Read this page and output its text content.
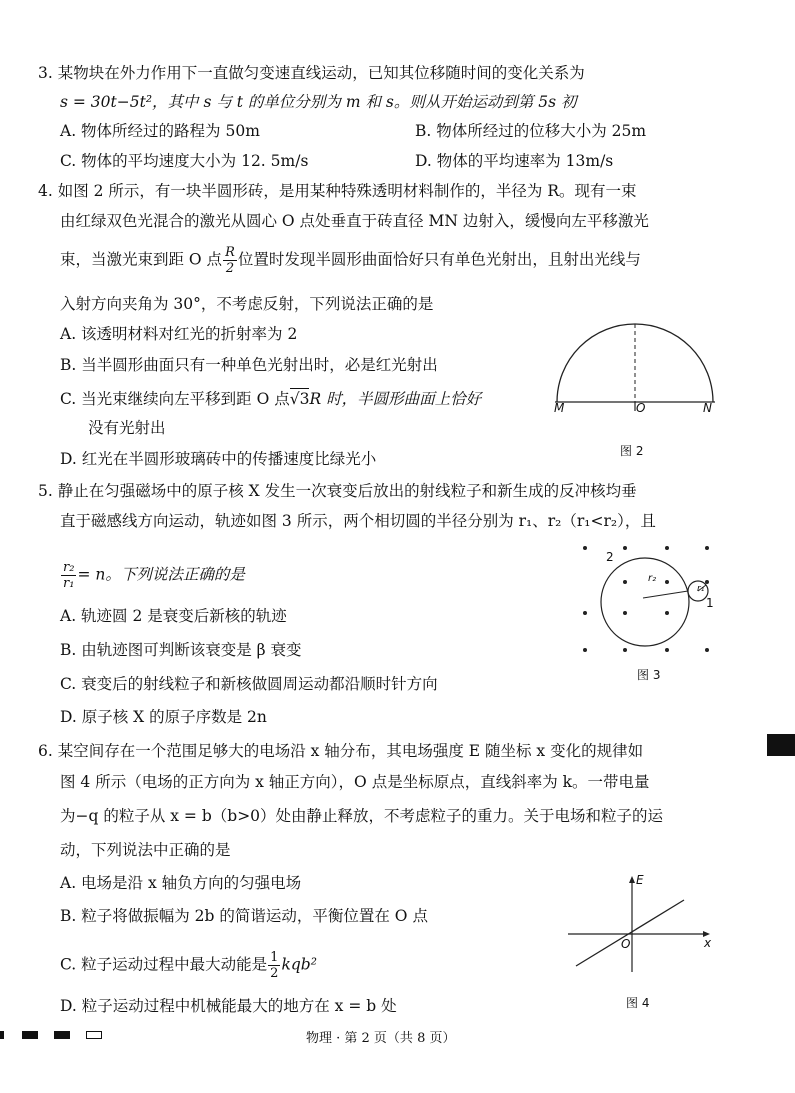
3. 某物块在外力作用下一直做匀变速直线运动，已知其位移随时间的变化关系为
s = 30t−5t²，其中 s 与 t 的单位分别为 m 和 s。则从开始运动到第 5s 初
A. 物体所经过的路程为 50m	B. 物体所经过的位移大小为 25m
C. 物体的平均速度大小为 12. 5m/s	D. 物体的平均速率为 13m/s
4. 如图 2 所示，有一块半圆形砖，是用某种特殊透明材料制作的，半径为 R。现有一束
由红绿双色光混合的激光从圆心 O 点处垂直于砖直径 MN 边射入，缓慢向左平移激光
束，当激光束到距 O 点 $\frac{R}{2}$ 位置时发现半圆形曲面恰好只有单色光射出，且射出光线与
入射方向夹角为 30°，不考虑反射，下列说法正确的是
A. 该透明材料对红光的折射率为 2
B. 当半圆形曲面只有一种单色光射出时，必是红光射出
C. 当光束继续向左平移到距 O 点√3R 时，半圆形曲面上恰好
没有光射出
D. 红光在半圆形玻璃砖中的传播速度比绿光小
M	O	N
图 2
5. 静止在匀强磁场中的原子核 X 发生一次衰变后放出的射线粒子和新生成的反冲核均垂
直于磁感线方向运动，轨迹如图 3 所示，两个相切圆的半径分别为 r₁、r₂（r₁<r₂），且
$\frac{\text{r₂}}{\text{r₁}} = n$。下列说法正确的是
A. 轨迹圆 2 是衰变后新核的轨迹
B. 由轨迹图可判断该衰变是 β 衰变
C. 衰变后的射线粒子和新核做圆周运动都沿顺时针方向
D. 原子核 X 的原子序数是 2n
2
1
r₂
r₁
图 3
6. 某空间存在一个范围足够大的电场沿 x 轴分布，其电场强度 E 随坐标 x 变化的规律如
图 4 所示（电场的正方向为 x 轴正方向），O 点是坐标原点，直线斜率为 k。一带电量
为−q 的粒子从 x = b（b>0）处由静止释放，不考虑粒子的重力。关于电场和粒子的运
动，下列说法中正确的是
A. 电场是沿 x 轴负方向的匀强电场
B. 粒子将做振幅为 2b 的简谐运动，平衡位置在 O 点
C. 粒子运动过程中最大动能是 $\frac{1}{2} kqb^2$
D. 粒子运动过程中机械能最大的地方在 x = b 处
E
O	x
图 4
物理 · 第 2 页（共 8 页）
